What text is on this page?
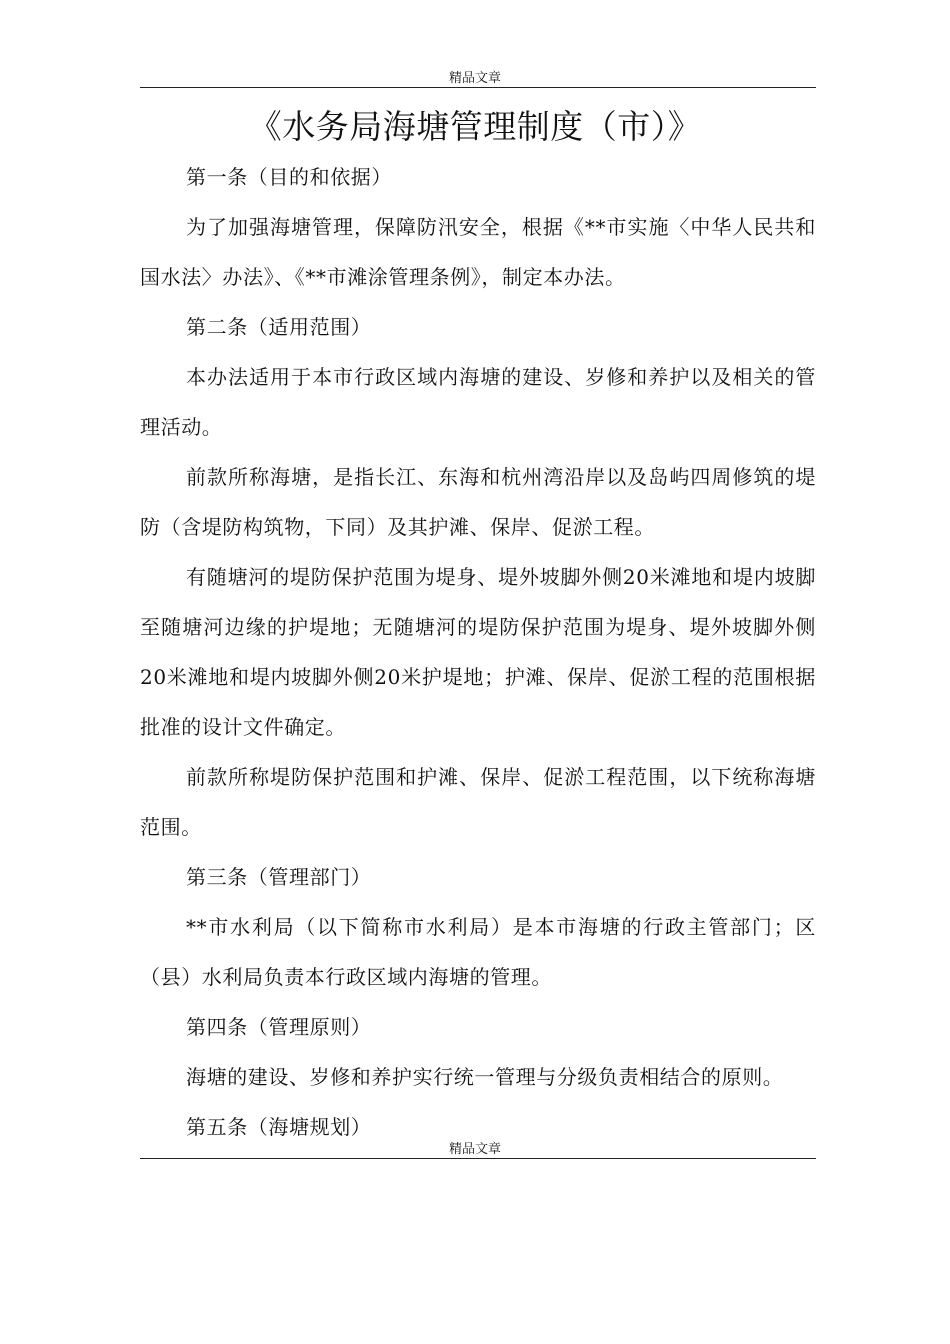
精品文章
《水务局海塘管理制度（市）》

第一条（目的和依据）

为了加强海塘管理，保障防汛安全，根据《**市实施〈中华人民共和国水法〉办法》、《**市滩涂管理条例》，制定本办法。

第二条（适用范围）

本办法适用于本市行政区域内海塘的建设、岁修和养护以及相关的管理活动。

前款所称海塘，是指长江、东海和杭州湾沿岸以及岛屿四周修筑的堤防（含堤防构筑物，下同）及其护滩、保岸、促淤工程。

有随塘河的堤防保护范围为堤身、堤外坡脚外侧20米滩地和堤内坡脚至随塘河边缘的护堤地；无随塘河的堤防保护范围为堤身、堤外坡脚外侧20米滩地和堤内坡脚外侧20米护堤地；护滩、保岸、促淤工程的范围根据批准的设计文件确定。

前款所称堤防保护范围和护滩、保岸、促淤工程范围，以下统称海塘范围。

第三条（管理部门）

**市水利局（以下简称市水利局）是本市海塘的行政主管部门；区（县）水利局负责本行政区域内海塘的管理。

第四条（管理原则）

海塘的建设、岁修和养护实行统一管理与分级负责相结合的原则。

第五条（海塘规划）

精品文章
